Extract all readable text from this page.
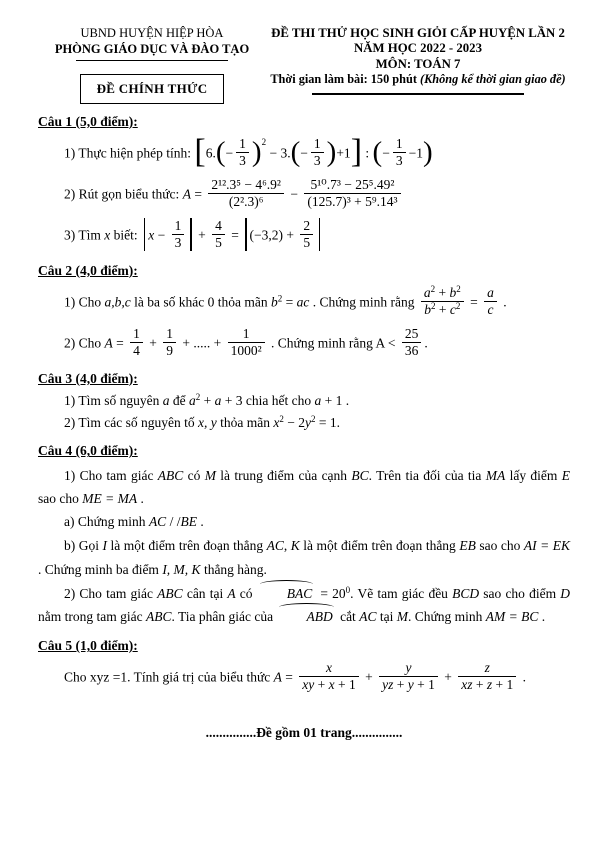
UBND HUYỆN HIỆP HÒA
PHÒNG GIÁO DỤC VÀ ĐÀO TẠO
ĐỀ CHÍNH THỨC
ĐỀ THI THỬ HỌC SINH GIỎI CẤP HUYỆN LẦN 2
NĂM HỌC 2022 - 2023
MÔN: TOÁN 7
Thời gian làm bài: 150 phút (Không kể thời gian giao đề)
Câu 1 (5,0 điểm):
1) Thực hiện phép tính: $[6.(- \frac{1}{3} )^2 - 3.(- \frac{1}{3} )+1]$ : (− $\frac{1}{3} -1$)
2) Rút gọn biểu thức: $A = \frac{\text{2¹².3⁵ − 4⁶.9²}}{\text{(2².3)⁶}} - \frac{\text{5¹⁰.7³ − 25⁵.49²}}{\text{(125.7)³ + 5⁹.14³}}$
3) Tìm x biết: $x - \frac{1}{3} + \frac{4}{5} = (-3,2) + \frac{2}{5}$
Câu 2 (4,0 điểm):
1) Cho a,b,c là ba số khác 0 thỏa mãn $b^2$ = ac . Chứng minh rằng $\frac{a^2 + b^2}{b^2 + c^2} = \frac{a}{c}$ .
2) Cho $A = \frac{1}{4} + \frac{1}{9}$ + ..... + $\frac{1}{\text{1000²}}$ . Chứng minh rằng $A < \frac{25}{36}$ .
Câu 3 (4,0 điểm):
1) Tìm số nguyên a để $a^2 + a + 3$ chia hết cho a + 1 .
2) Tìm các số nguyên tố x, y thỏa mãn $x^2 - 2y^2 = 1$.
Câu 4 (6,0 điểm):
1) Cho tam giác ABC có M là trung điểm của cạnh BC. Trên tia đối của tia MA lấy điểm E sao cho ME = MA .
a) Chứng minh AC / /BE .
b) Gọi I là một điểm trên đoạn thẳng AC, K là một điểm trên đoạn thẳng EB sao cho AI = EK . Chứng minh ba điểm I, M, K thẳng hàng.
2) Cho tam giác ABC cân tại A có BAC = $20^0$. Vẽ tam giác đều BCD sao cho điểm D nằm trong tam giác ABC. Tia phân giác của ABD cắt AC tại M. Chứng minh AM = BC .
Câu 5 (1,0 điểm):
Cho xyz =1. Tính giá trị của biểu thức $A = \frac{x}{xy + x + 1} + \frac{y}{yz + y + 1} + \frac{z}{xz + z + 1}$ .
...............Đề gồm 01 trang...............
